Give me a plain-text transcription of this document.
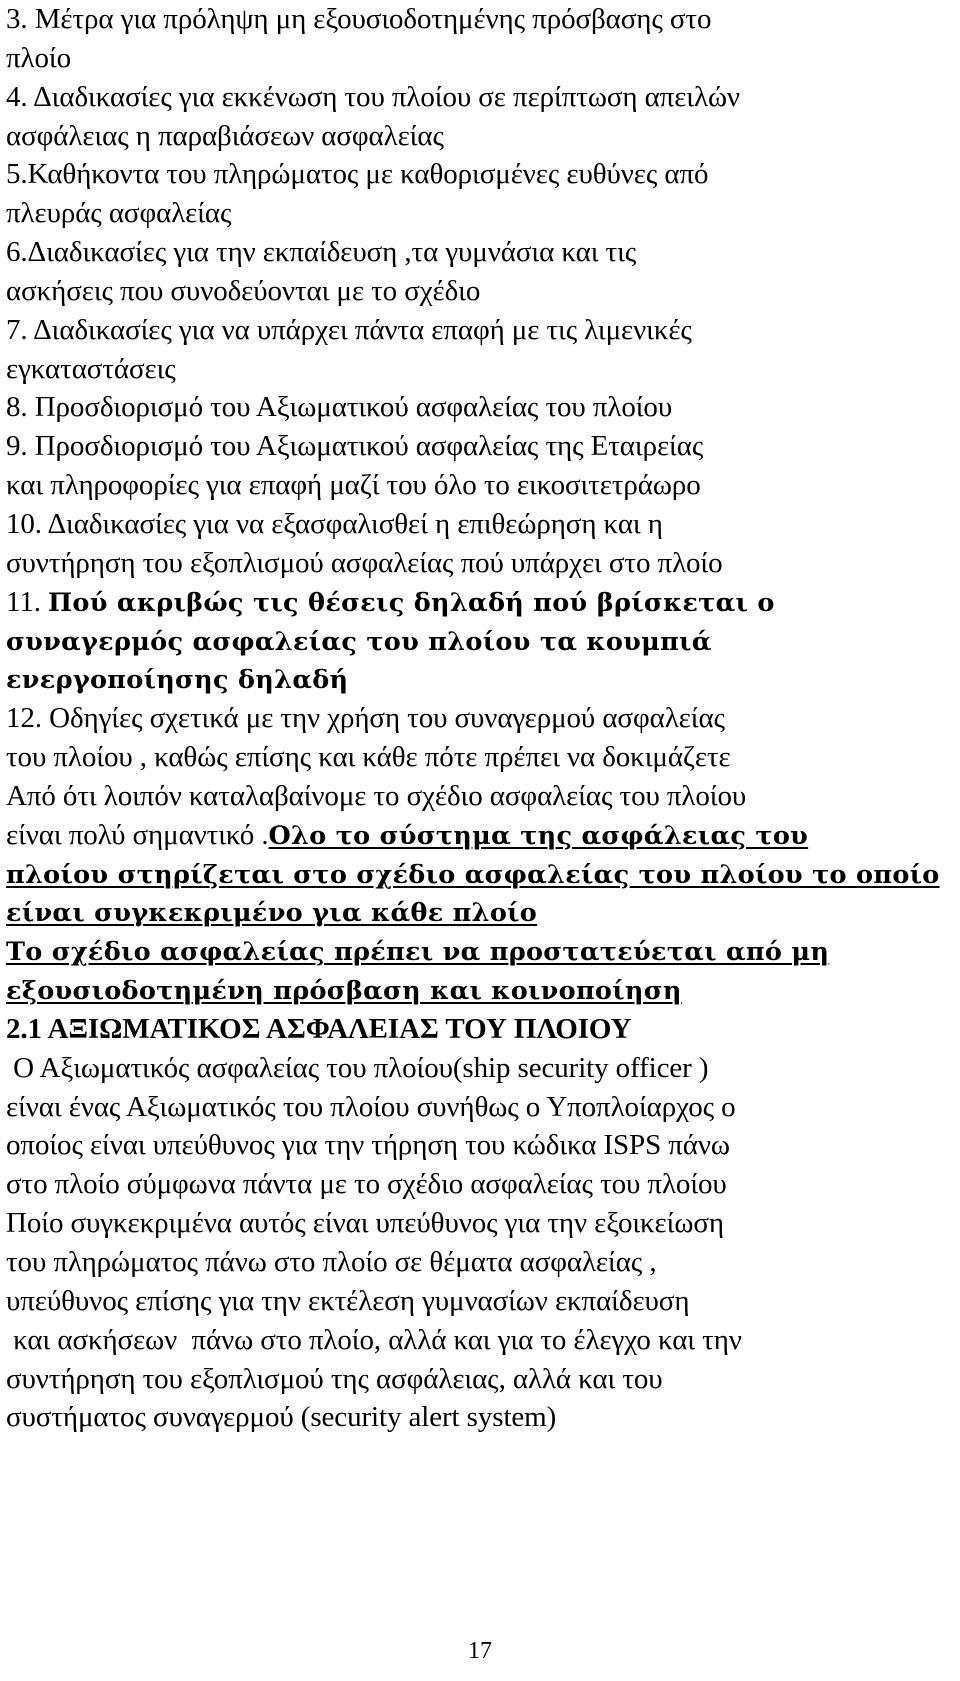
3. Μέτρα για πρόληψη μη εξουσιοδοτημένης πρόσβασης στο
πλοίο
4. Διαδικασίες για εκκένωση του πλοίου σε περίπτωση απειλών
ασφάλειας η παραβιάσεων ασφαλείας
5.Καθήκοντα του πληρώματος με καθορισμένες ευθύνες από
πλευράς ασφαλείας
6.Διαδικασίες για την εκπαίδευση ,τα γυμνάσια και τις
ασκήσεις που συνοδεύονται με το σχέδιο
7. Διαδικασίες για να υπάρχει πάντα επαφή με τις λιμενικές
εγκαταστάσεις
8. Προσδιορισμό του Αξιωματικού ασφαλείας του πλοίου
9. Προσδιορισμό του Αξιωματικού ασφαλείας της Εταιρείας
και πληροφορίες για επαφή μαζί του όλο το εικοσιτετράωρο
10. Διαδικασίες για να εξασφαλισθεί η επιθεώρηση και η
συντήρηση του εξοπλισμού ασφαλείας πού υπάρχει στο πλοίο
11. Πού ακριβώς τις θέσεις δηλαδή πού βρίσκεται ο
συναγερμός ασφαλείας του πλοίου τα κουμπιά
ενεργοποίησης δηλαδή
12. Οδηγίες σχετικά με την χρήση του συναγερμού ασφαλείας
του πλοίου , καθώς επίσης και κάθε πότε πρέπει να δοκιμάζετε
Από ότι λοιπόν καταλαβαίνομε το σχέδιο ασφαλείας του πλοίου
είναι πολύ σημαντικό .Ολο το σύστημα της ασφάλειας του
πλοίου στηρίζεται στο σχέδιο ασφαλείας του πλοίου το οποίο
είναι συγκεκριμένο για κάθε πλοίο
Το σχέδιο ασφαλείας πρέπει να προστατεύεται από μη
εξουσιοδοτημένη πρόσβαση και κοινοποίηση
2.1 ΑΞΙΩΜΑΤΙΚΟΣ ΑΣΦΑΛΕΙΑΣ ΤΟΥ ΠΛΟΙΟΥ
Ο Αξιωματικός ασφαλείας του πλοίου(ship security officer )
είναι ένας Αξιωματικός του πλοίου συνήθως ο Υποπλοίαρχος ο
οποίος είναι υπεύθυνος για την τήρηση του κώδικα ISPS πάνω
στο πλοίο σύμφωνα πάντα με το σχέδιο ασφαλείας του πλοίου
Ποίο συγκεκριμένα αυτός είναι υπεύθυνος για την εξοικείωση
του πληρώματος πάνω στο πλοίο σε θέματα ασφαλείας ,
υπεύθυνος επίσης για την εκτέλεση γυμνασίων εκπαίδευση
και ασκήσεων  πάνω στο πλοίο, αλλά και για το έλεγχο και την
συντήρηση του εξοπλισμού της ασφάλειας, αλλά και του
συστήματος συναγερμού (security alert system)
17
